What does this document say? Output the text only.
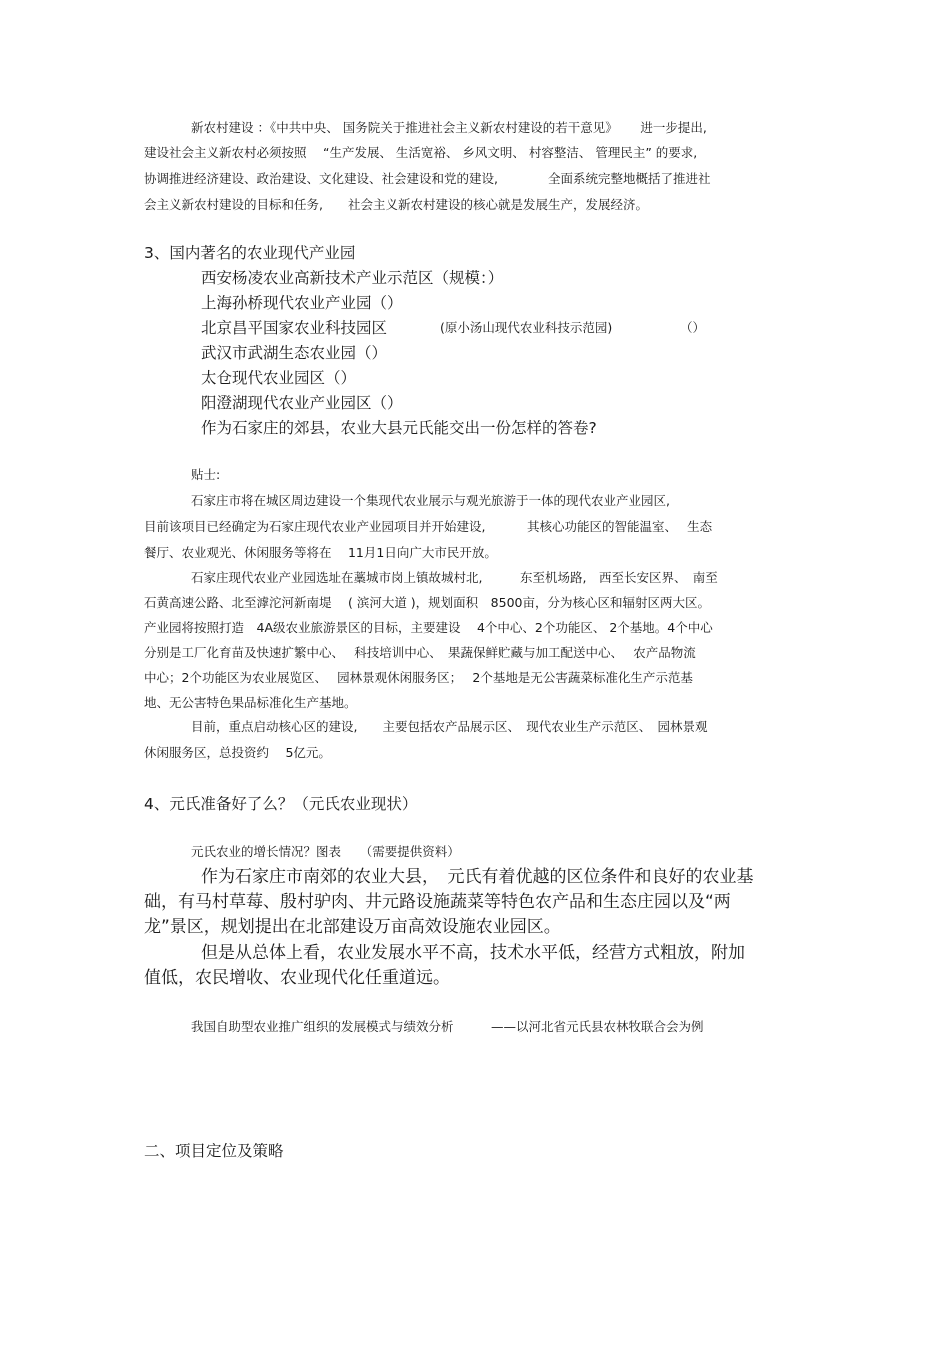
新农村建设 ：《中共中央、 国务院关于推进社会主义新农村建设的若干意见》　　 进一步提出,
建设社会主义新农村必须按照　 “生产发展、 生活宽裕、 乡风文明、 村容整洁、 管理民主” 的要求,
协调推进经济建设、政治建设、文化建设、社会建设和党的建设,　　　　全面系统完整地概括了推进社
会主义新农村建设的目标和任务,　　社会主义新农村建设的核心就是发展生产，发展经济。
3、国内著名的农业现代产业园
西安杨凌农业高新技术产业示范区（规模：）
上海孙桥现代农业产业园（）
北京昌平国家农业科技园区	(原小汤山现代农业科技示范园)	（）
武汉市武湖生态农业园（）
太仓现代农业园区（）
阳澄湖现代农业产业园区（）
作为石家庄的郊县，农业大县元氏能交出一份怎样的答卷?
贴士:
石家庄市将在城区周边建设一个集现代农业展示与观光旅游于一体的现代农业产业园区,
目前该项目已经确定为石家庄现代农业产业园项目并开始建设,　　　 其核心功能区的智能温室、　 生态
餐厅、农业观光、休闲服务等将在　 11月1日向广大市民开放。
石家庄现代农业产业园选址在藁城市岗上镇故城村北,　　　东至机场路,　西至长安区界、　南至
石黄高速公路、北至滹沱河新南堤　 ( 滨河大道 )，规划面积　8500亩，分为核心区和辐射区两大区。
产业园将按照打造　4A级农业旅游景区的目标，主要建设　 4个中心、2个功能区、 2个基地。4个中心
分别是工厂化育苗及快速扩繁中心、　 科技培训中心、　果蔬保鲜贮藏与加工配送中心、　 农产品物流
中心；2个功能区为农业展览区、　 园林景观休闲服务区；　 2个基地是无公害蔬菜标准化生产示范基
地、无公害特色果品标准化生产基地。
目前，重点启动核心区的建设,　　主要包括农产品展示区、　现代农业生产示范区、　园林景观
休闲服务区，总投资约　 5亿元。
4、元氏准备好了么？（元氏农业现状）
元氏农业的增长情况？图表　　（需要提供资料）
作为石家庄市南郊的农业大县，　元氏有着优越的区位条件和良好的农业基
础，有马村草莓、殷村驴肉、井元路设施蔬菜等特色农产品和生态庄园以及“两
龙”景区，规划提出在北部建设万亩高效设施农业园区。
但是从总体上看，农业发展水平不高，技术水平低，经营方式粗放，附加
值低，农民增收、农业现代化任重道远。
我国自助型农业推广组织的发展模式与绩效分析　　　——以河北省元氏县农林牧联合会为例
二、项目定位及策略
